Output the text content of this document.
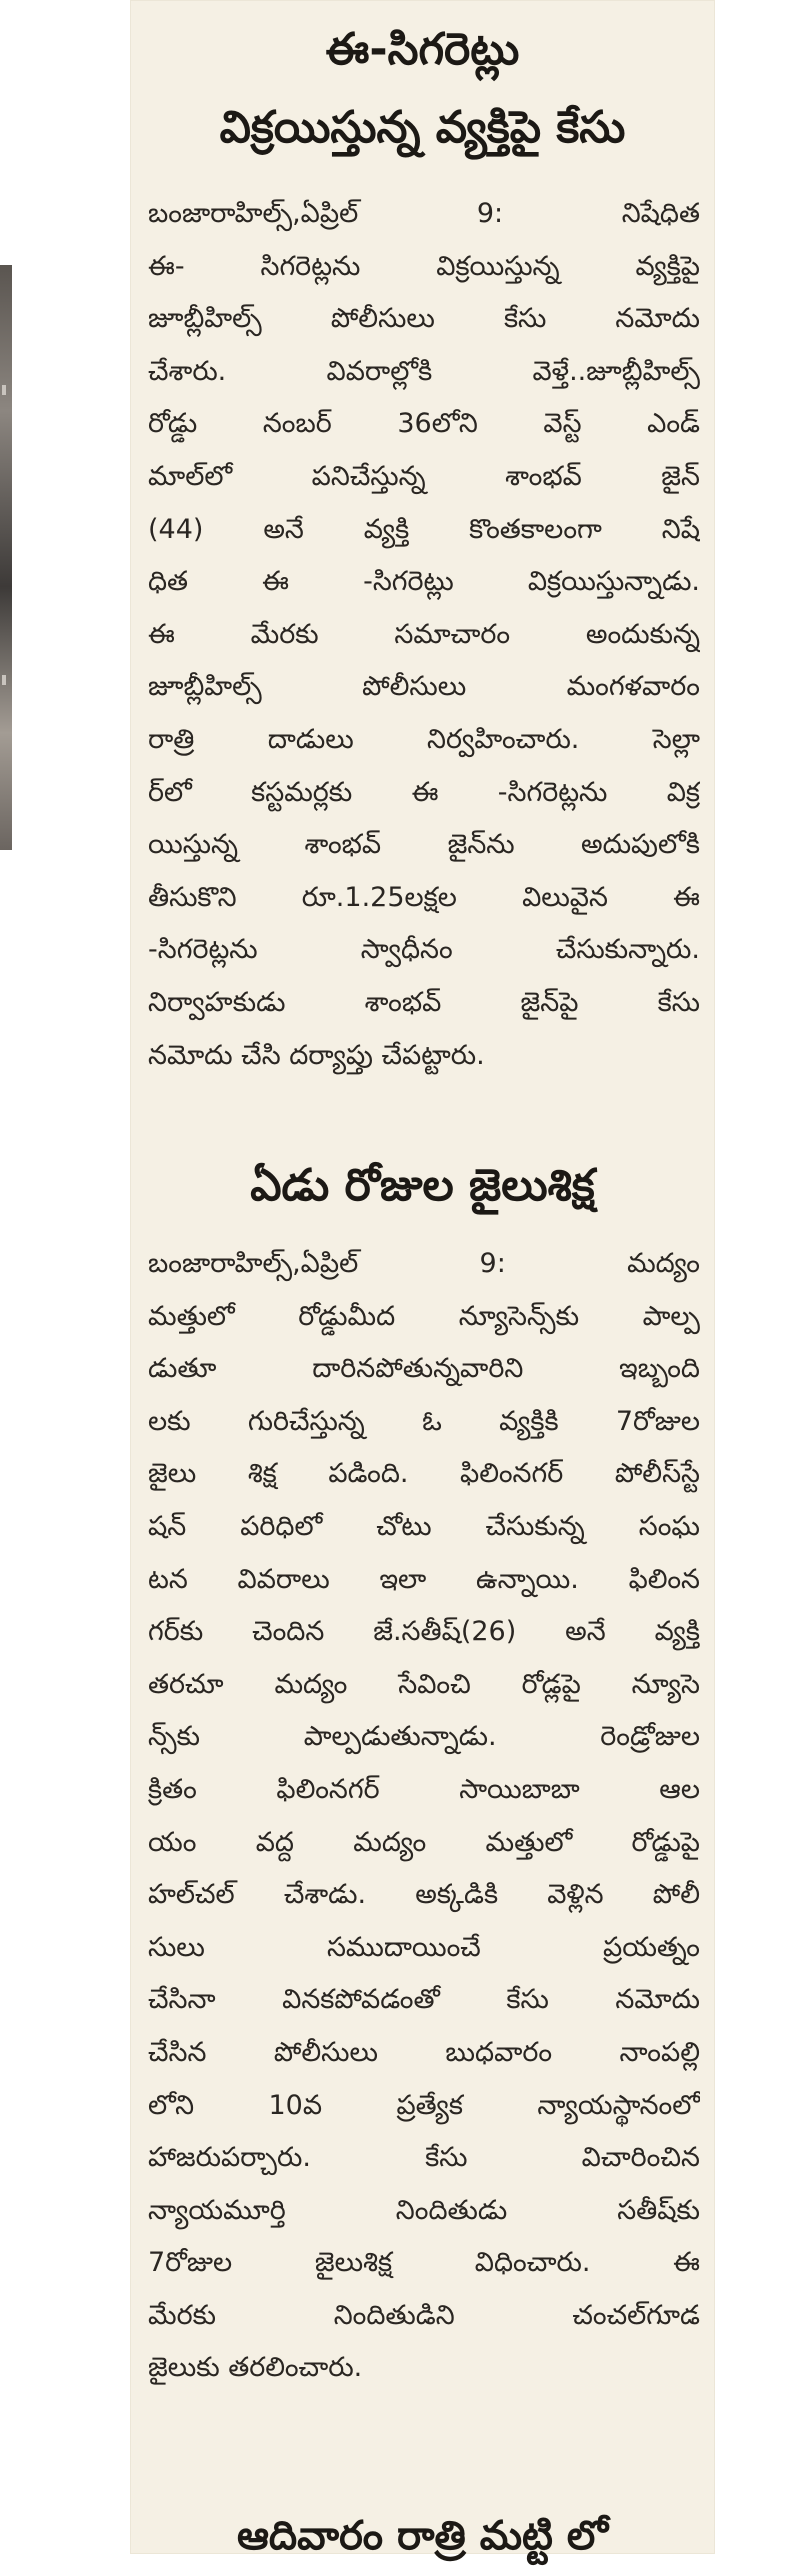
ఈ-సిగరెట్లు
విక్రయిస్తున్న వ్యక్తిపై కేసు
బంజారాహిల్స్,ఏప్రిల్ 9: నిషేధిత
ఈ- సిగరెట్లను విక్రయిస్తున్న వ్యక్తిపై
జూబ్లీహిల్స్ పోలీసులు కేసు నమోదు
చేశారు. వివరాల్లోకి వెళ్తే..జూబ్లీహిల్స్
రోడ్డు నంబర్ 36లోని వెస్ట్ ఎండ్
మాల్‌లో పనిచేస్తున్న శాంభవ్ జైన్
(44) అనే వ్యక్తి కొంతకాలంగా నిషే
ధిత ఈ -సిగరెట్లు విక్రయిస్తున్నాడు.
ఈ మేరకు సమాచారం అందుకున్న
జూబ్లీహిల్స్ పోలీసులు మంగళవారం
రాత్రి దాడులు నిర్వహించారు. సెల్లా
ర్‌లో కస్టమర్లకు ఈ -సిగరెట్లను విక్ర
యిస్తున్న శాంభవ్ జైన్‌ను అదుపులోకి
తీసుకొని రూ.1.25లక్షల విలువైన ఈ
-సిగరెట్లను స్వాధీనం చేసుకున్నారు.
నిర్వాహకుడు శాంభవ్ జైన్‌పై కేసు
నమోదు చేసి దర్యాప్తు చేపట్టారు.
ఏడు రోజుల జైలుశిక్ష
బంజారాహిల్స్,ఏప్రిల్ 9: మద్యం
మత్తులో రోడ్డుమీద న్యూసెన్స్‌కు పాల్ప
డుతూ దారినపోతున్నవారిని ఇబ్బంది
లకు గురిచేస్తున్న ఓ వ్యక్తికి 7రోజుల
జైలు శిక్ష పడింది. ఫిలింనగర్ పోలీస్‌స్టే
షన్ పరిధిలో చోటు చేసుకున్న సంఘ
టన వివరాలు ఇలా ఉన్నాయి. ఫిలింన
గర్‌కు చెందిన జే.సతీష్(26) అనే వ్యక్తి
తరచూ మద్యం సేవించి రోడ్లపై న్యూసె
న్స్‌కు పాల్పడుతున్నాడు. రెండ్రోజుల
క్రితం ఫిలింనగర్ సాయిబాబా ఆల
యం వద్ద మద్యం మత్తులో రోడ్డుపై
హల్‌చల్ చేశాడు. అక్కడికి వెళ్లిన పోలీ
సులు సముదాయించే ప్రయత్నం
చేసినా వినకపోవడంతో కేసు నమోదు
చేసిన పోలీసులు బుధవారం నాంపల్లి
లోని 10వ ప్రత్యేక న్యాయస్థానంలో
హాజరుపర్చారు. కేసు విచారించిన
న్యాయమూర్తి నిందితుడు సతీష్‌కు
7రోజుల జైలుశిక్ష విధించారు. ఈ
మేరకు నిందితుడిని చంచల్‌గూడ
జైలుకు తరలించారు.
ఆదివారం రాత్రి మట్టి లో
